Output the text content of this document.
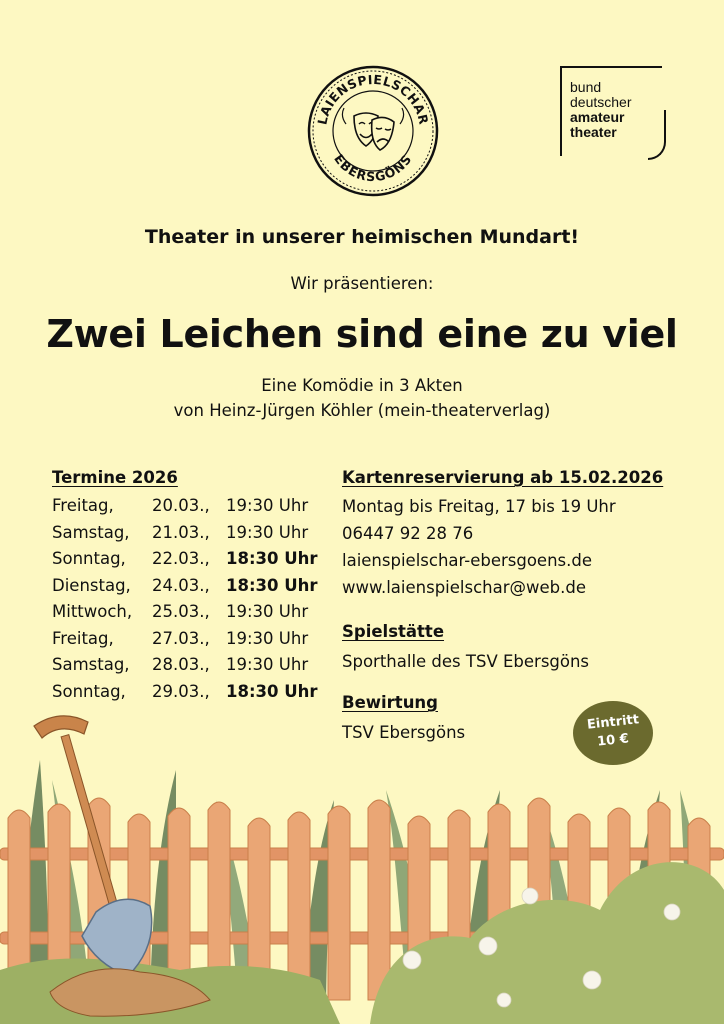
LAIENSPIELSCHAR
EBERSGÖNS
bund
deutscher
amateur
theater
Theater in unserer heimischen Mundart!
Wir präsentieren:
Zwei Leichen sind eine zu viel
Eine Komödie in 3 Akten
von Heinz-Jürgen Köhler (mein-theaterverlag)
Termine 2026
Freitag, 20.03., 19:30 Uhr
Samstag, 21.03., 19:30 Uhr
Sonntag, 22.03., 18:30 Uhr
Dienstag, 24.03., 18:30 Uhr
Mittwoch, 25.03., 19:30 Uhr
Freitag, 27.03., 19:30 Uhr
Samstag, 28.03., 19:30 Uhr
Sonntag, 29.03., 18:30 Uhr
Kartenreservierung ab 15.02.2026
Montag bis Freitag, 17 bis 19 Uhr
06447 92 28 76
laienspielschar-ebersgoens.de
www.laienspielschar@web.de
Spielstätte
Sporthalle des TSV Ebersgöns
Bewirtung
TSV Ebersgöns	Eintritt
10 €
